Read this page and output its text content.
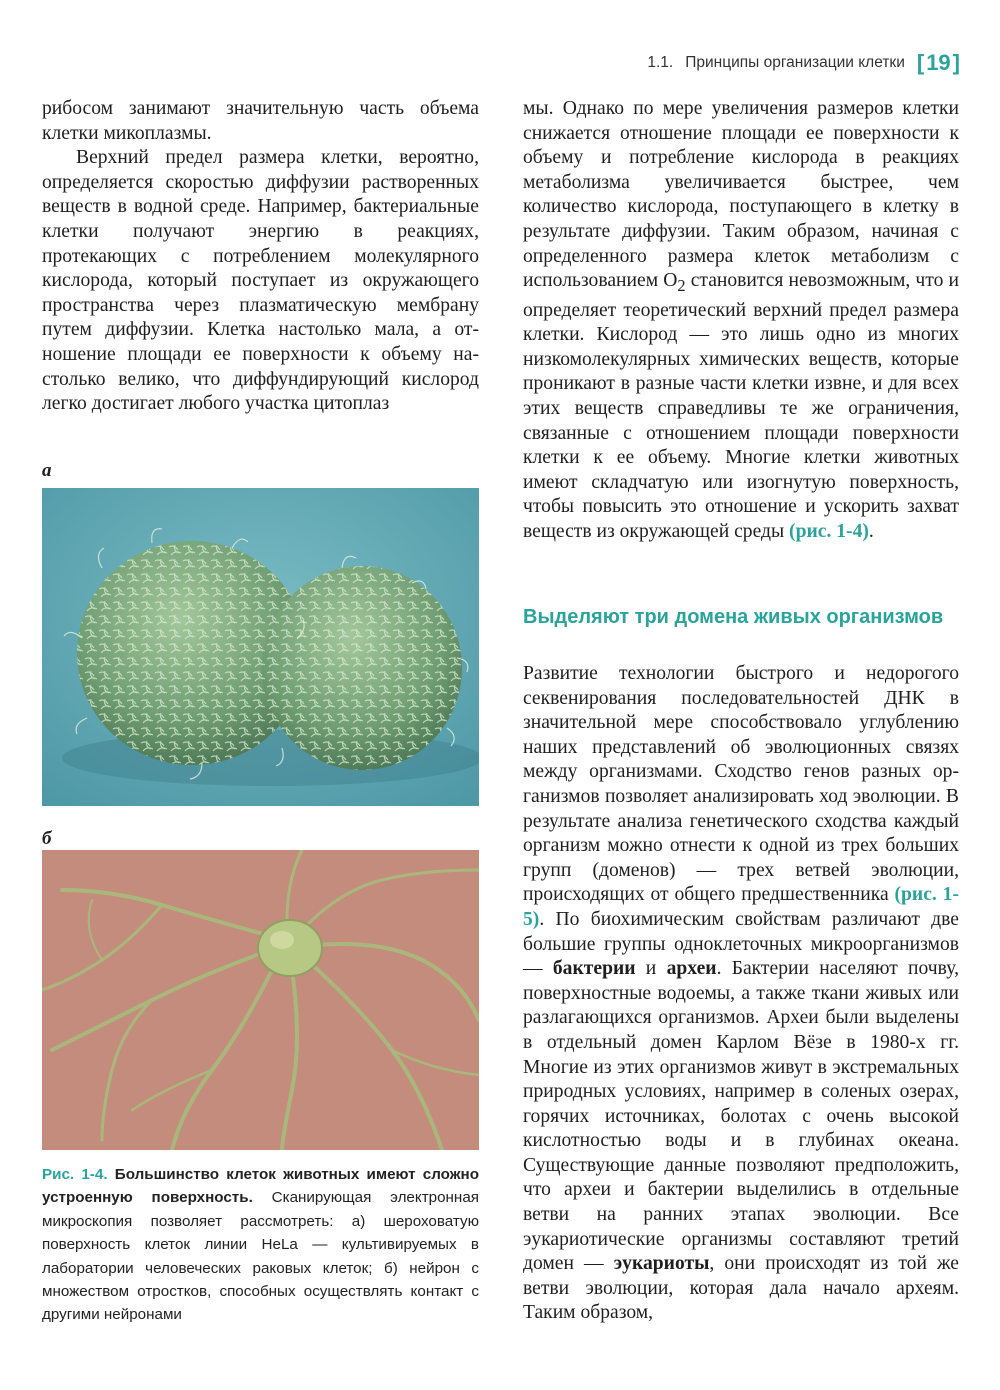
1.1. Принципы организации клетки [ 19 ]

рибосом занимают значительную часть объема клетки микоплазмы.

Верхний предел размера клетки, вероятно, определяется скоростью диффузии растворенных веществ в водной среде. Например, бактериальные клетки получают энергию в реакциях, протекающих с потреблением молекулярного кислорода, который поступает из окружающего пространства через плазматическую мембрану путем диффузии. Клетка настолько мала, а отношение площади ее поверхности к объему настолько велико, что диффундирующий кислород легко достигает любого участка цитоплаз

а
б
Рис. 1-4. Большинство клеток животных имеют сложно устроенную поверхность. Сканирующая электронная микроскопия позволяет рассмотреть: а) шероховатую поверхность клеток линии HeLa — культивируемых в лаборатории человеческих раковых клеток; б) нейрон с множеством отростков, способных осуществлять контакт с другими нейронами

мы. Однако по мере увеличения размеров клетки снижается отношение площади ее поверхности к объему и потребление кислорода в реакциях метаболизма увеличивается быстрее, чем количество кислорода, поступающего в клетку в результате диффузии. Таким образом, начиная с определенного размера клеток метаболизм с использованием $O_2$ становится невозможным, что и определяет теоретический верхний предел размера клетки. Кислород — это лишь одно из многих низкомолекулярных химических веществ, которые проникают в разные части клетки извне, и для всех этих веществ справедливы те же ограничения, связанные с отношением площади поверхности клетки к ее объему. Многие клетки животных имеют складчатую или изогнутую поверхность, чтобы повысить это отношение и ускорить захват веществ из окружающей среды (рис. 1-4).

Выделяют три домена живых организмов

Развитие технологии быстрого и недорогого секвенирования последовательностей ДНК в значительной мере способствовало углублению наших представлений об эволюционных связях между организмами. Сходство генов разных организмов позволяет анализировать ход эволюции. В результате анализа генетического сходства каждый организм можно отнести к одной из трех больших групп (доменов) — трех ветвей эволюции, происходящих от общего предшественника (рис. 1-5). По биохимическим свойствам различают две большие группы одноклеточных микроорганизмов — бактерии и археи. Бактерии населяют почву, поверхностные водоемы, а также ткани живых или разлагающихся организмов. Археи были выделены в отдельный домен Карлом Вёзе в 1980-х гг. Многие из этих организмов живут в экстремальных природных условиях, например в соленых озерах, горячих источниках, болотах с очень высокой кислотностью воды и в глубинах океана. Существующие данные позволяют предположить, что археи и бактерии выделились в отдельные ветви на ранних этапах эволюции. Все эукариотические организмы составляют третий домен — эукариоты, они происходят из той же ветви эволюции, которая дала начало археям. Таким образом,
